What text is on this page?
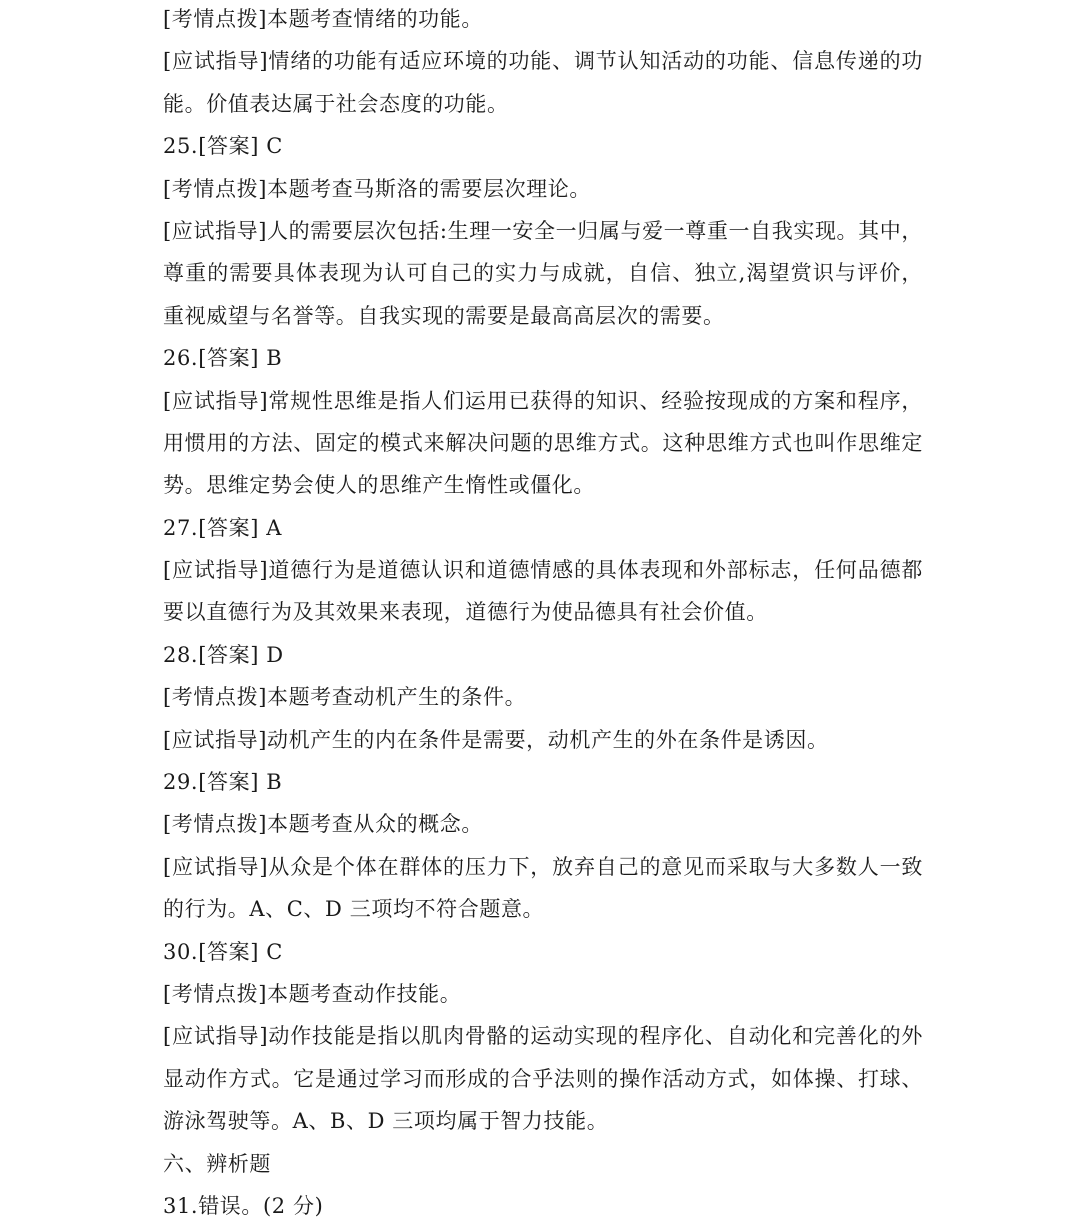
[考情点拨]本题考查情绪的功能。
[应试指导]情绪的功能有适应环境的功能、调节认知活动的功能、信息传递的功
能。价值表达属于社会态度的功能。
25.[答案] C
[考情点拨]本题考查马斯洛的需要层次理论。
[应试指导]人的需要层次包括:生理一安全一归属与爱一尊重一自我实现。其中，
尊重的需要具体表现为认可自己的实力与成就，自信、独立,渴望赏识与评价，
重视威望与名誉等。自我实现的需要是最高高层次的需要。
26.[答案] B
[应试指导]常规性思维是指人们运用已获得的知识、经验按现成的方案和程序，
用惯用的方法、固定的模式来解决问题的思维方式。这种思维方式也叫作思维定
势。思维定势会使人的思维产生惰性或僵化。
27.[答案] A
[应试指导]道德行为是道德认识和道德情感的具体表现和外部标志，任何品德都
要以直德行为及其效果来表现，道德行为使品德具有社会价值。
28.[答案] D
[考情点拨]本题考查动机产生的条件。
[应试指导]动机产生的内在条件是需要，动机产生的外在条件是诱因。
29.[答案] B
[考情点拨]本题考查从众的概念。
[应试指导]从众是个体在群体的压力下，放弃自己的意见而采取与大多数人一致
的行为。A、C、D 三项均不符合题意。
30.[答案] C
[考情点拨]本题考查动作技能。
[应试指导]动作技能是指以肌肉骨骼的运动实现的程序化、自动化和完善化的外
显动作方式。它是通过学习而形成的合乎法则的操作活动方式，如体操、打球、
游泳驾驶等。A、B、D 三项均属于智力技能。
六、辨析题
31.错误。(2 分)
